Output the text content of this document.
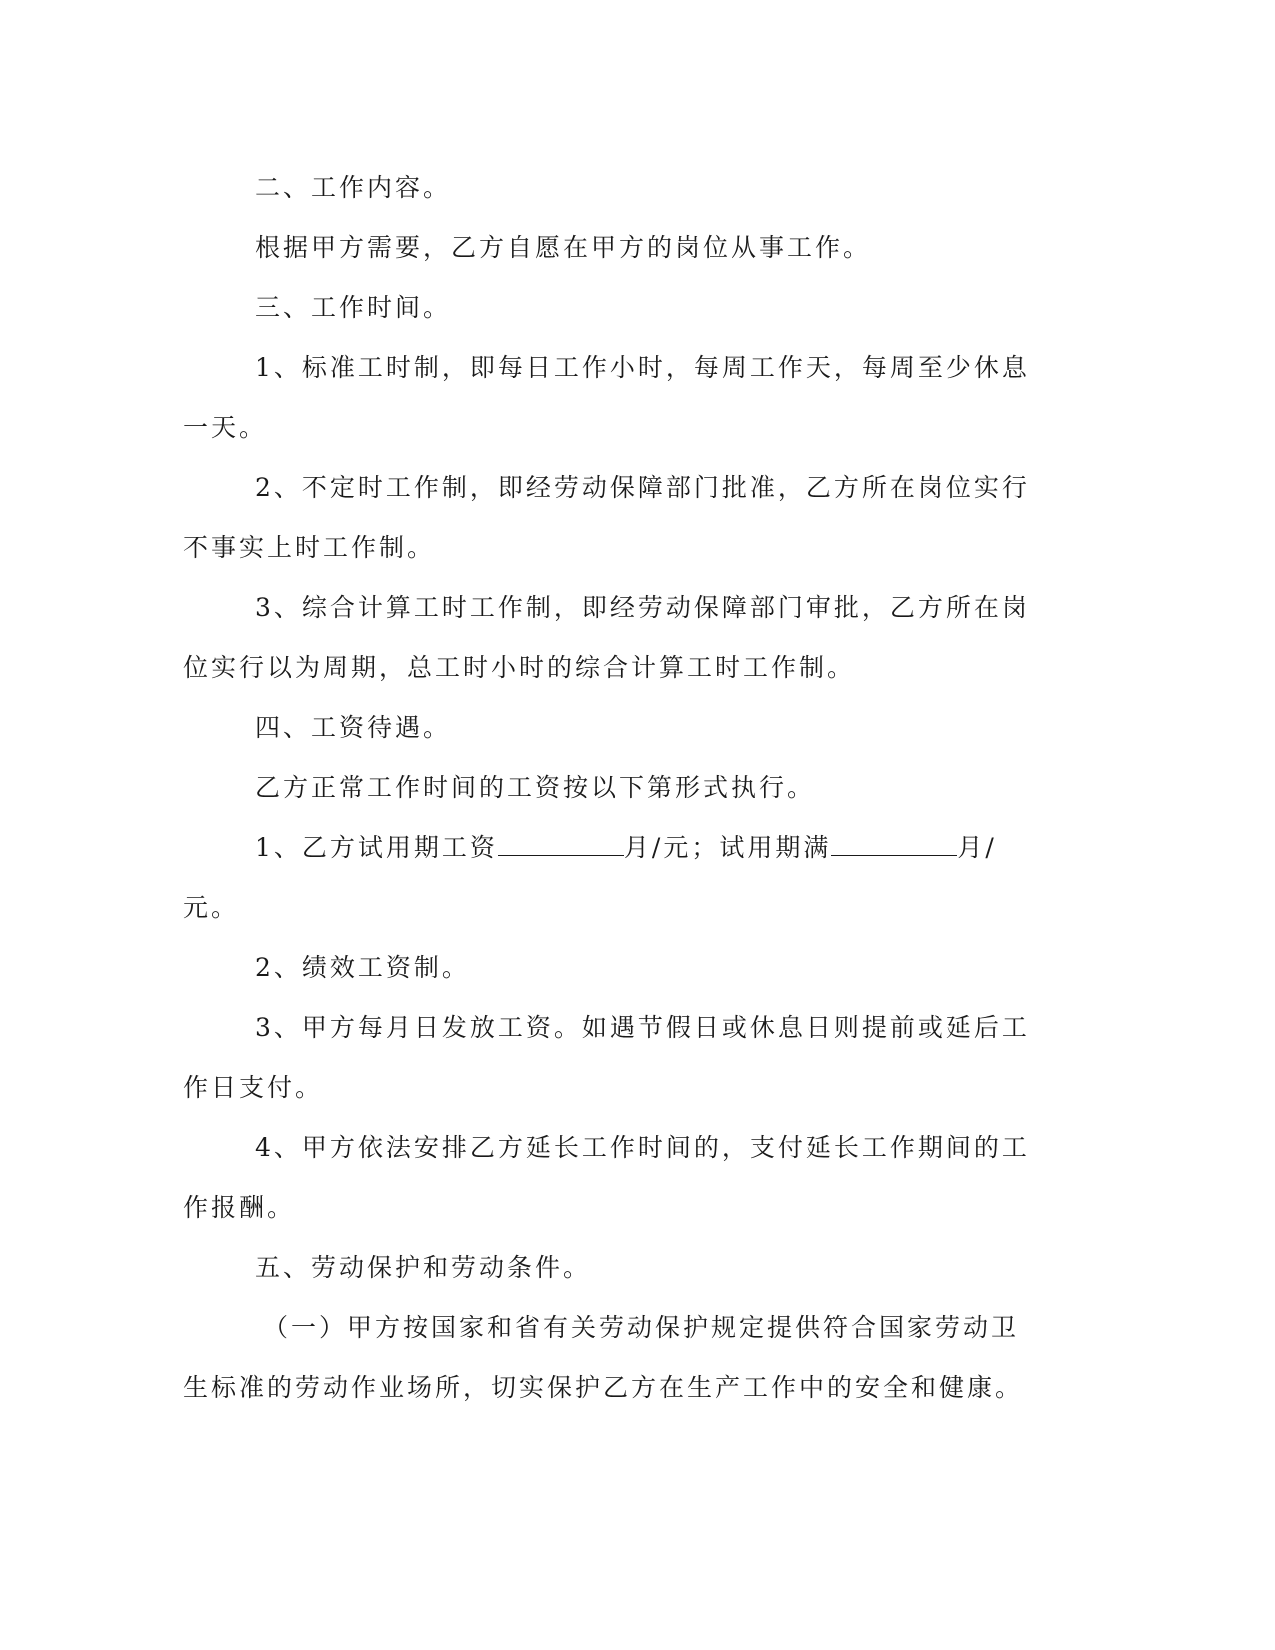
二、工作内容。

根据甲方需要，乙方自愿在甲方的岗位从事工作。

三、工作时间。

1、标准工时制，即每日工作小时，每周工作天，每周至少休息一天。

2、不定时工作制，即经劳动保障部门批准，乙方所在岗位实行不事实上时工作制。

3、综合计算工时工作制，即经劳动保障部门审批，乙方所在岗位实行以为周期，总工时小时的综合计算工时工作制。

四、工资待遇。

乙方正常工作时间的工资按以下第形式执行。

1、乙方试用期工资	月/元；试用期满	月/元。

2、绩效工资制。

3、甲方每月日发放工资。如遇节假日或休息日则提前或延后工作日支付。

4、甲方依法安排乙方延长工作时间的，支付延长工作期间的工作报酬。

五、劳动保护和劳动条件。

（一）甲方按国家和省有关劳动保护规定提供符合国家劳动卫生标准的劳动作业场所，切实保护乙方在生产工作中的安全和健康。
